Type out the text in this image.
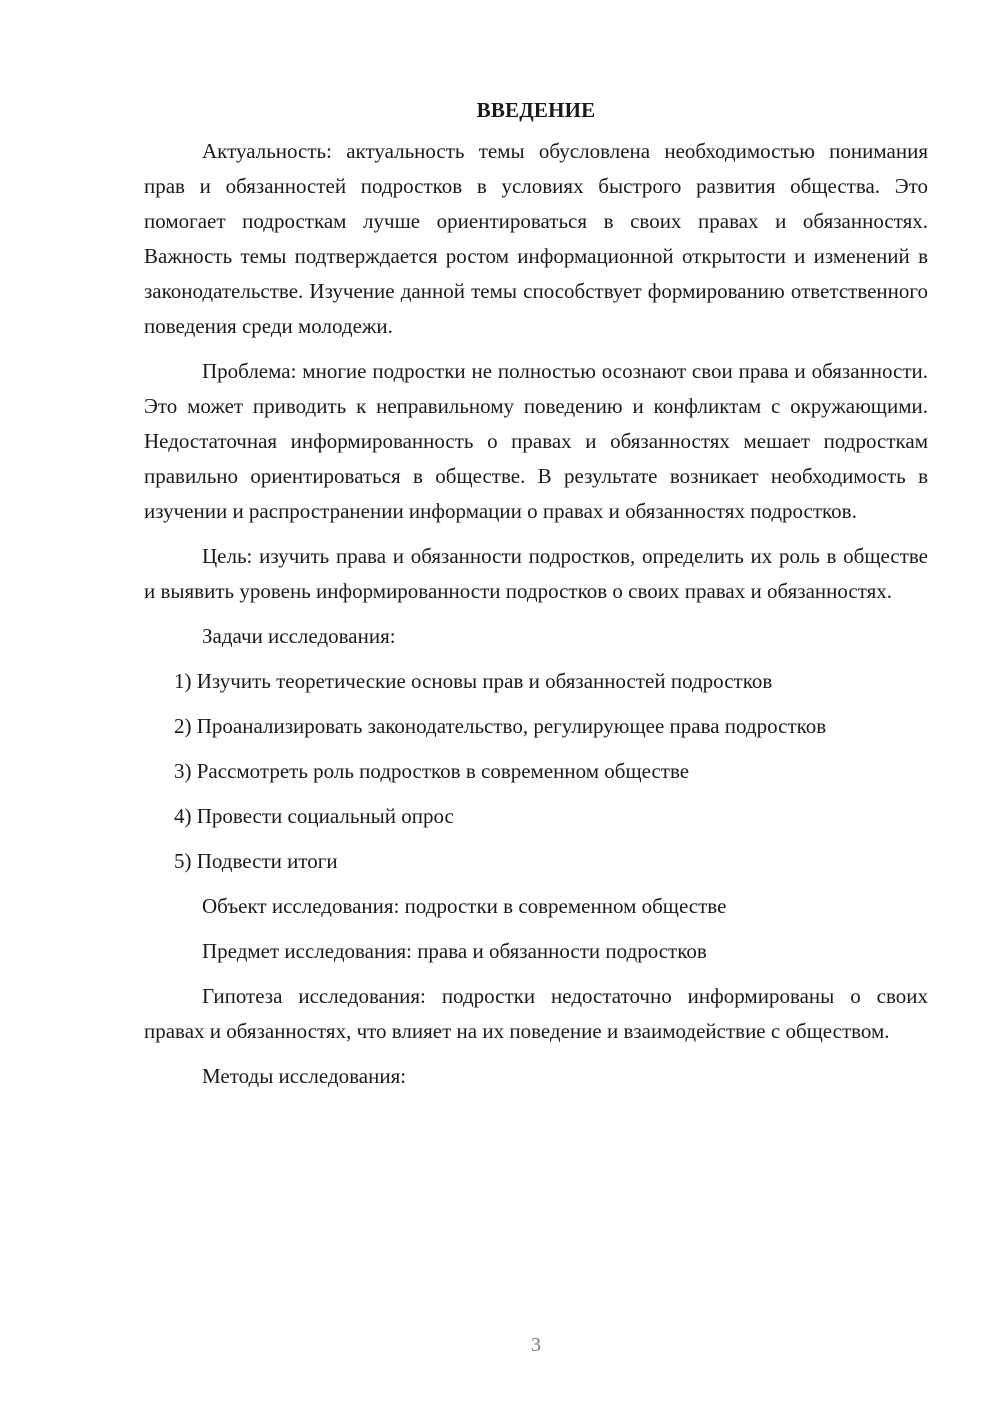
ВВЕДЕНИЕ

Актуальность: актуальность темы обусловлена необходимостью понимания прав и обязанностей подростков в условиях быстрого развития общества. Это помогает подросткам лучше ориентироваться в своих правах и обязанностях. Важность темы подтверждается ростом информационной открытости и изменений в законодательстве. Изучение данной темы способствует формированию ответственного поведения среди молодежи.

Проблема: многие подростки не полностью осознают свои права и обязанности. Это может приводить к неправильному поведению и конфликтам с окружающими. Недостаточная информированность о правах и обязанностях мешает подросткам правильно ориентироваться в обществе. В результате возникает необходимость в изучении и распространении информации о правах и обязанностях подростков.

Цель: изучить права и обязанности подростков, определить их роль в обществе и выявить уровень информированности подростков о своих правах и обязанностях.

Задачи исследования:

1) Изучить теоретические основы прав и обязанностей подростков

2) Проанализировать законодательство, регулирующее права подростков

3) Рассмотреть роль подростков в современном обществе

4) Провести социальный опрос

5) Подвести итоги

Объект исследования: подростки в современном обществе

Предмет исследования: права и обязанности подростков

Гипотеза исследования: подростки недостаточно информированы о своих правах и обязанностях, что влияет на их поведение и взаимодействие с обществом.

Методы исследования:

3
